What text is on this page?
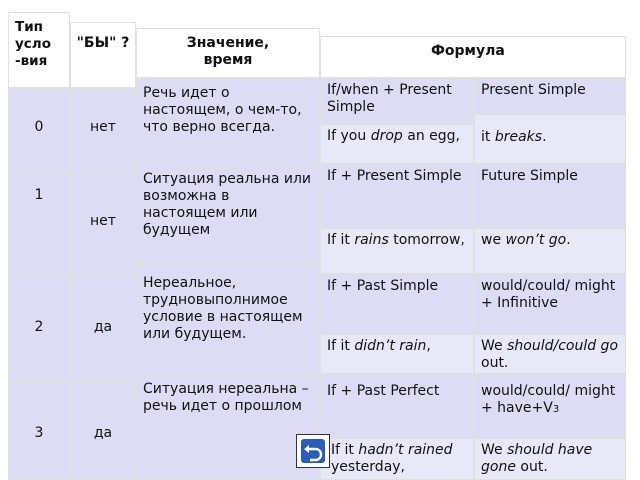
Тип усло -вия
"БЫ" ?	Значение, время
Формула
0
1
2
3
нет
нет
да
да
Речь идет о настоящем, о чем-то, что верно всегда.
Ситуация реальна или возможна в настоящем или будущем
Нереальное, трудновыполнимое условие в настоящем или будущем.
Ситуация нереальна – речь идет о прошлом
If/when + Present Simple
If you drop an egg,
If + Present Simple
If it rains tomorrow,
If + Past Simple
If it didn’t rain,
If + Past Perfect
If it hadn’t rained yesterday,
Present Simple
it breaks.
Future Simple
we won’t go.
would/could/ might + Infinitive
We should/could go out.
would/could/ might + have+V3
We should have gone out.
